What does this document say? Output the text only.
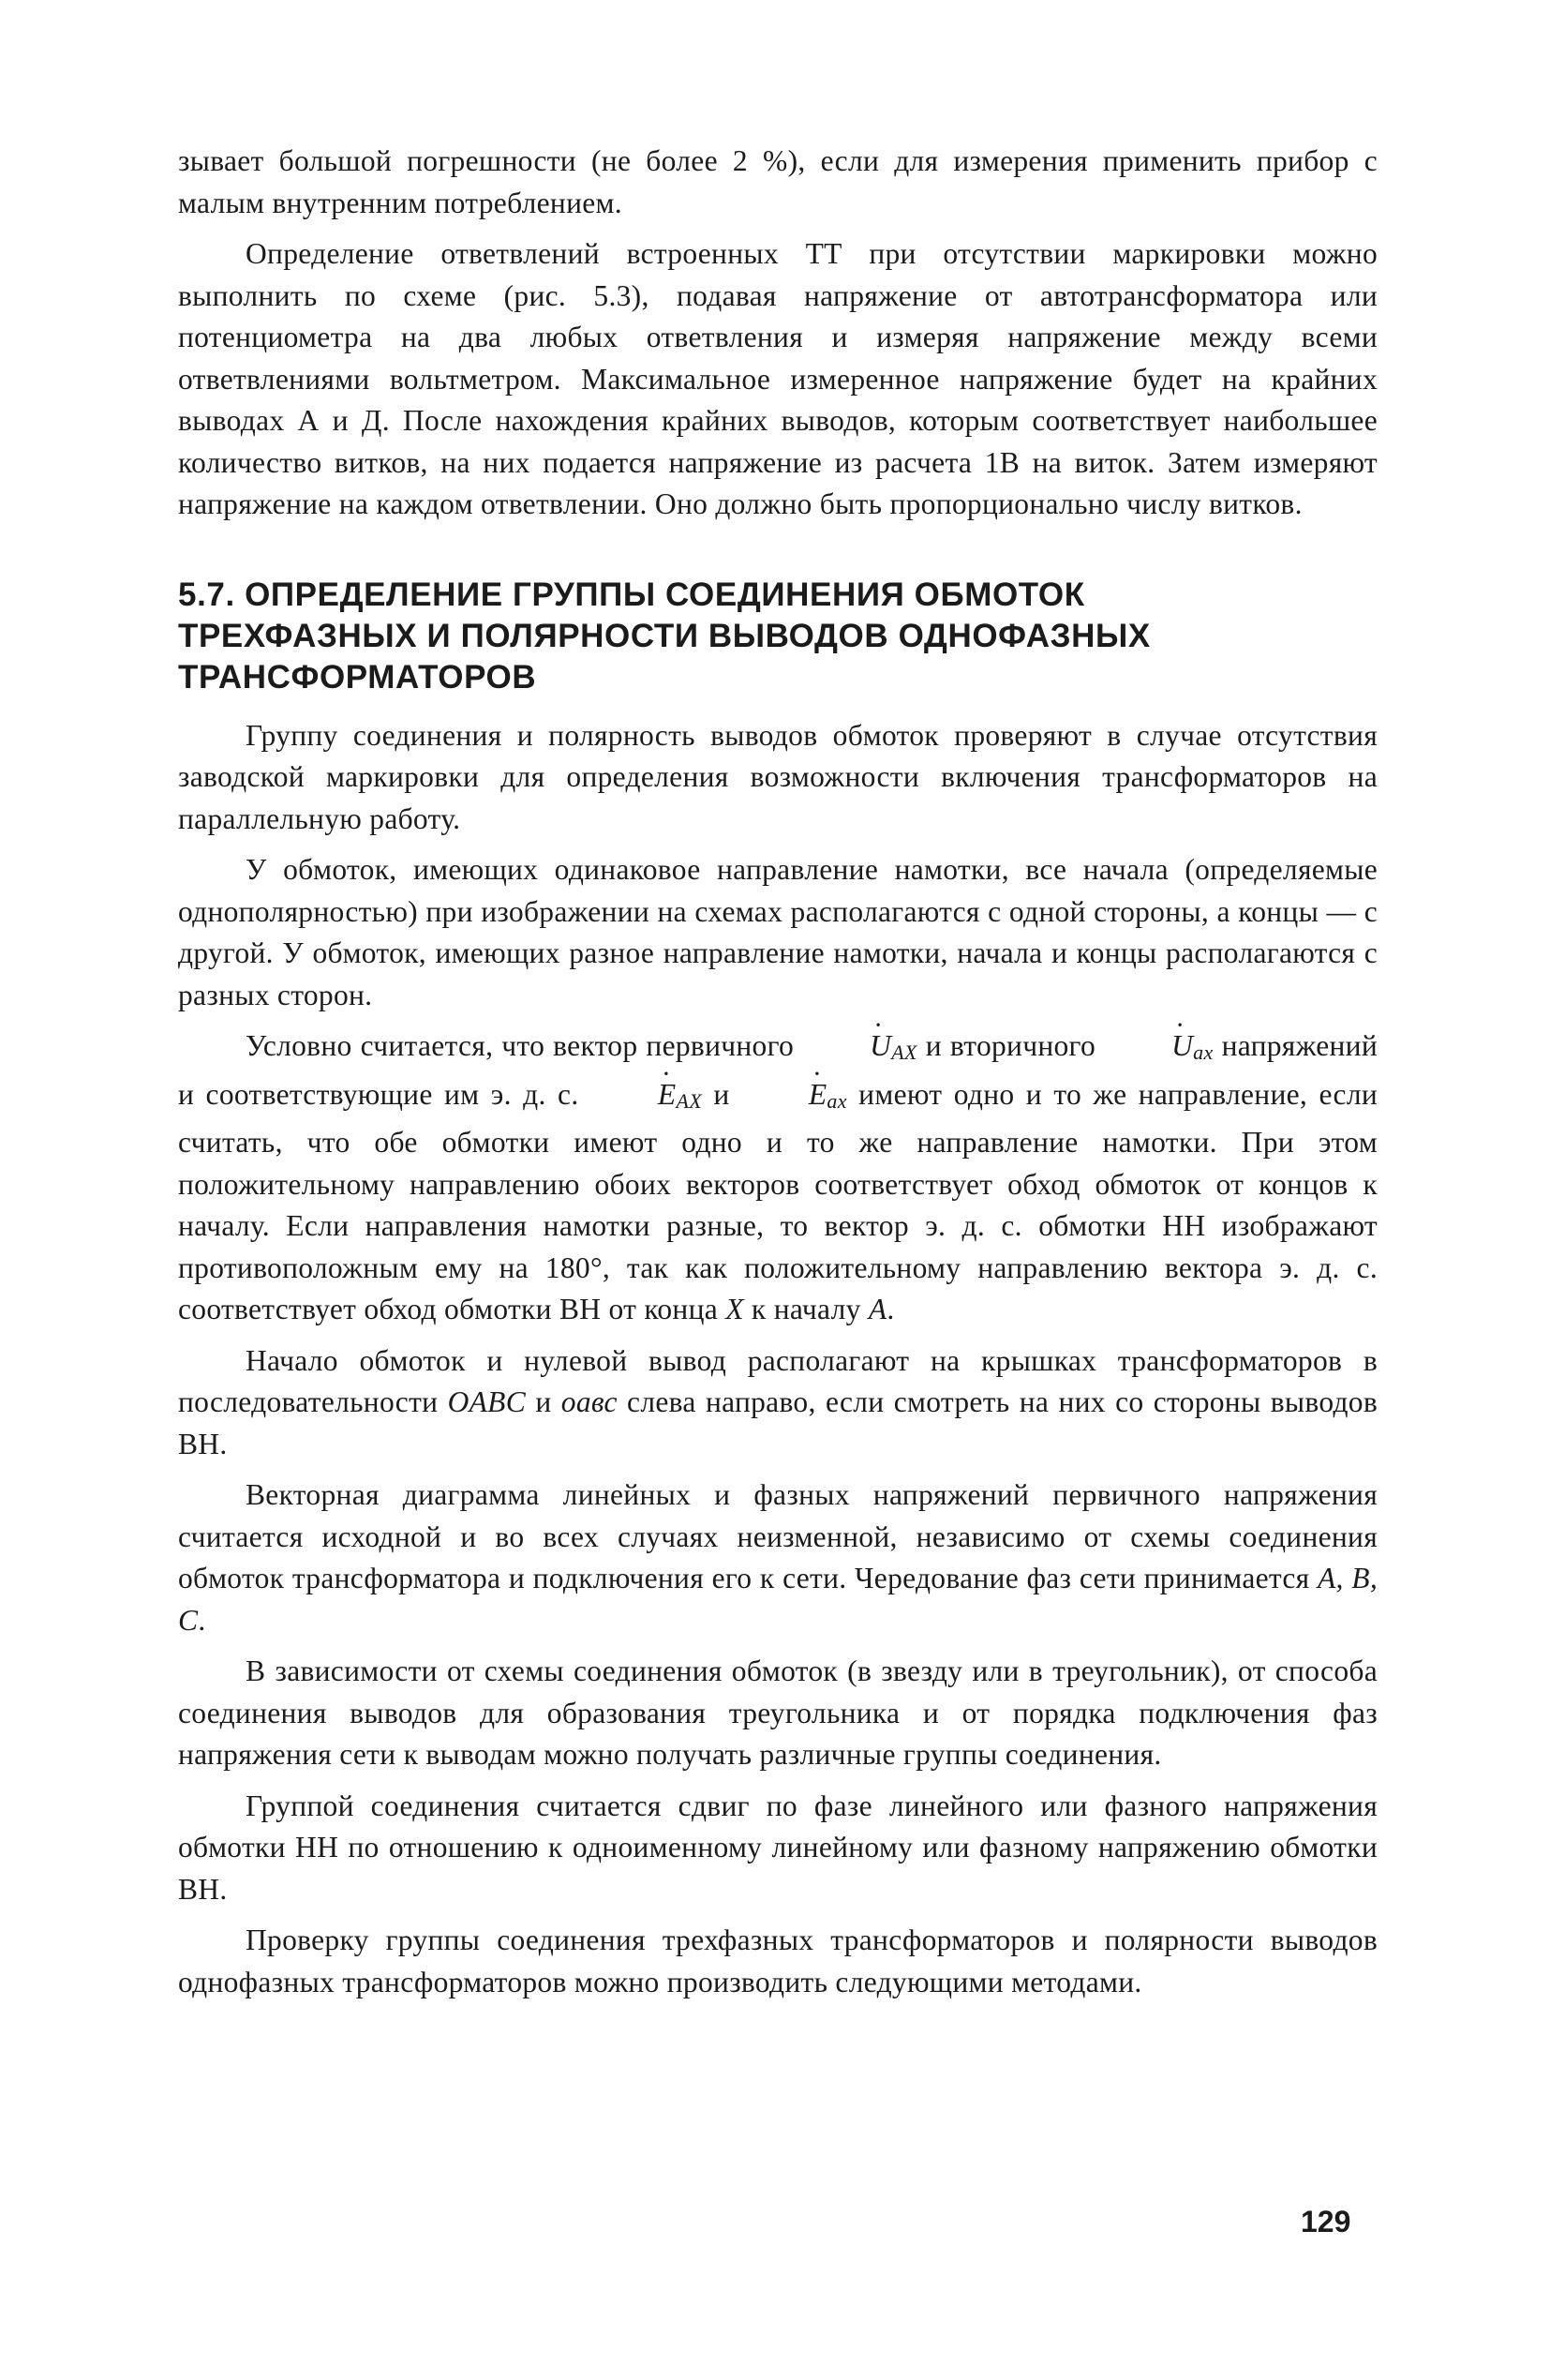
зывает большой погрешности (не более 2 %), если для измерения применить прибор с малым внутренним потреблением.

Определение ответвлений встроенных ТТ при отсутствии маркировки можно выполнить по схеме (рис. 5.3), подавая напряжение от автотрансформатора или потенциометра на два любых ответвления и измеряя напряжение между всеми ответвлениями вольтметром. Максимальное измеренное напряжение будет на крайних выводах А и Д. После нахождения крайних выводов, которым соответствует наибольшее количество витков, на них подается напряжение из расчета 1В на виток. Затем измеряют напряжение на каждом ответвлении. Оно должно быть пропорционально числу витков.

5.7. ОПРЕДЕЛЕНИЕ ГРУППЫ СОЕДИНЕНИЯ ОБМОТОК
ТРЕХФАЗНЫХ И ПОЛЯРНОСТИ ВЫВОДОВ ОДНОФАЗНЫХ
ТРАНСФОРМАТОРОВ

Группу соединения и полярность выводов обмоток проверяют в случае отсутствия заводской маркировки для определения возможности включения трансформаторов на параллельную работу.

У обмоток, имеющих одинаковое направление намотки, все начала (определяемые однополярностью) при изображении на схемах располагаются с одной стороны, а концы — с другой. У обмоток, имеющих разное направление намотки, начала и концы располагаются с разных сторон.

Условно считается, что вектор первичного · UAX и вторичного · Uax напряжений и соответствующие им э. д. с. · EAX и · Eax имеют одно и то же направление, если считать, что обе обмотки имеют одно и то же направление намотки. При этом положительному направлению обоих векторов соответствует обход обмоток от концов к началу. Если направления намотки разные, то вектор э. д. с. обмотки НН изображают противоположным ему на 180°, так как положительному направлению вектора э. д. с. соответствует обход обмотки ВН от конца X к началу А.

Начало обмоток и нулевой вывод располагают на крышках трансформаторов в последовательности OABC и оавс слева направо, если смотреть на них со стороны выводов ВН.

Векторная диаграмма линейных и фазных напряжений первичного напряжения считается исходной и во всех случаях неизменной, независимо от схемы соединения обмоток трансформатора и подключения его к сети. Чередование фаз сети принимается А, В, С.

В зависимости от схемы соединения обмоток (в звезду или в треугольник), от способа соединения выводов для образования треугольника и от порядка подключения фаз напряжения сети к выводам можно получать различные группы соединения.

Группой соединения считается сдвиг по фазе линейного или фазного напряжения обмотки НН по отношению к одноименному линейному или фазному напряжению обмотки ВН.

Проверку группы соединения трехфазных трансформаторов и полярности выводов однофазных трансформаторов можно производить следующими методами.

129
